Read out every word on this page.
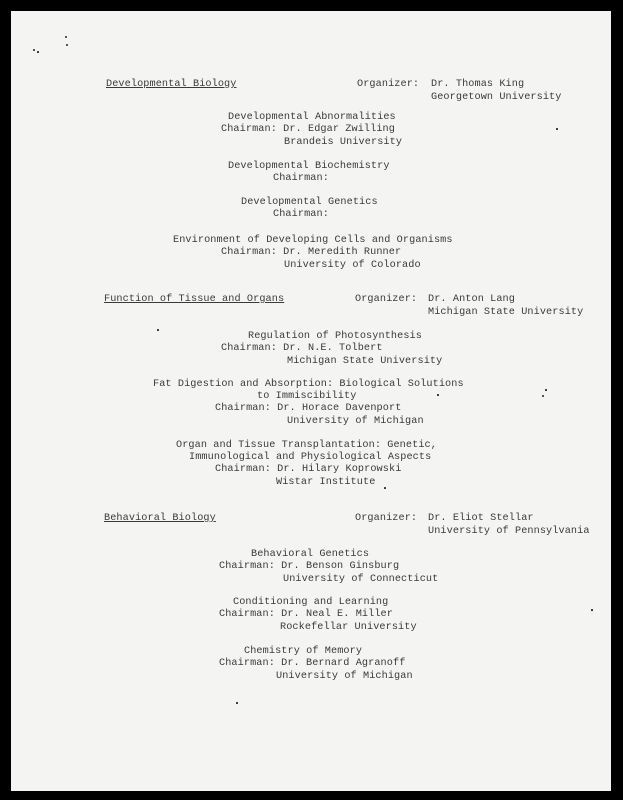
Developmental Biology	Organizer: Dr. Thomas King
Georgetown University
Developmental Abnormalities
Chairman: Dr. Edgar Zwilling
Brandeis University
Developmental Biochemistry
Chairman:
Developmental Genetics
Chairman:
Environment of Developing Cells and Organisms
Chairman: Dr. Meredith Runner
University of Colorado
Function of Tissue and Organs	Organizer: Dr. Anton Lang
Michigan State University
Regulation of Photosynthesis
Chairman: Dr. N.E. Tolbert
Michigan State University
Fat Digestion and Absorption: Biological Solutions
to Immiscibility
Chairman: Dr. Horace Davenport
University of Michigan
Organ and Tissue Transplantation: Genetic,
Immunological and Physiological Aspects
Chairman: Dr. Hilary Koprowski
Wistar Institute
Behavioral Biology	Organizer: Dr. Eliot Stellar
University of Pennsylvania
Behavioral Genetics
Chairman: Dr. Benson Ginsburg
University of Connecticut
Conditioning and Learning
Chairman: Dr. Neal E. Miller
Rockefellar University
Chemistry of Memory
Chairman: Dr. Bernard Agranoff
University of Michigan
